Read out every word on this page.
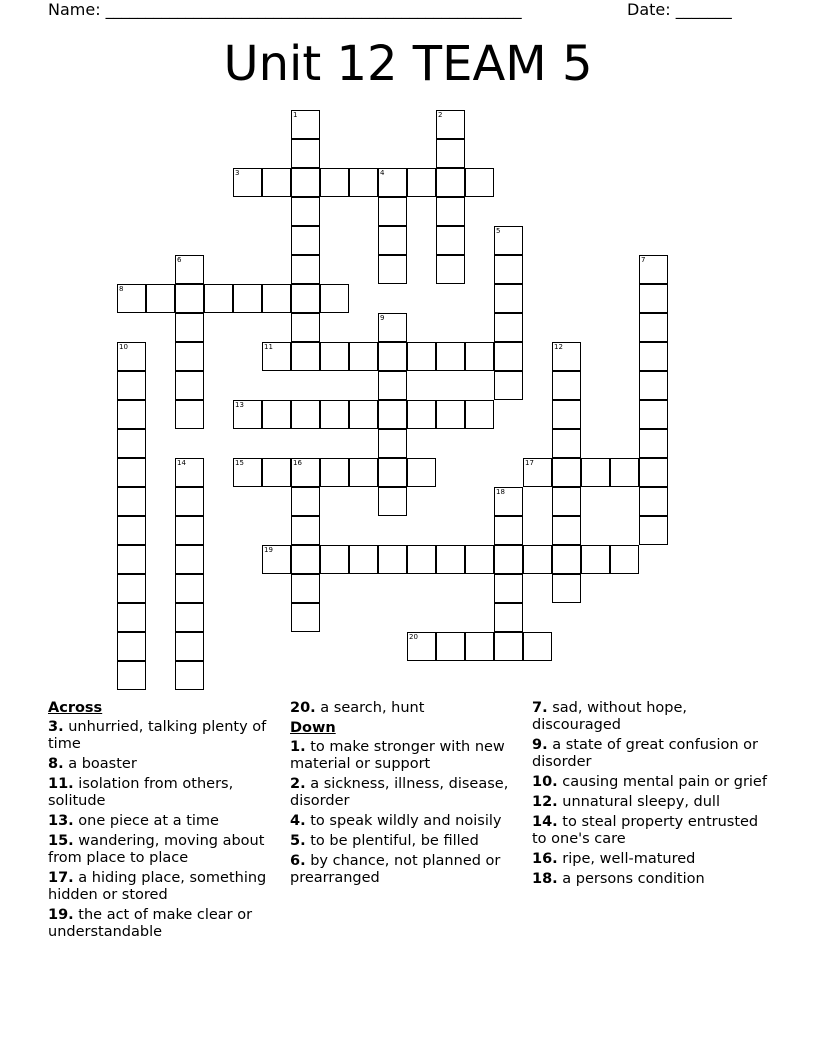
Name: ____________________________________________________	Date: _______
Unit 12 TEAM 5
1	2
3	4
5
6	7
8
9
10	11	12
13
14	15	16	17
18
19
20
Across
3. unhurried, talking plenty of time
8. a boaster
11. isolation from others, solitude
13. one piece at a time
15. wandering, moving about from place to place
17. a hiding place, something hidden or stored
19. the act of make clear or understandable
20. a search, hunt
Down
1. to make stronger with new material or support
2. a sickness, illness, disease, disorder
4. to speak wildly and noisily
5. to be plentiful, be filled
6. by chance, not planned or prearranged
7. sad, without hope, discouraged
9. a state of great confusion or disorder
10. causing mental pain or grief
12. unnatural sleepy, dull
14. to steal property entrusted to one's care
16. ripe, well-matured
18. a persons condition
